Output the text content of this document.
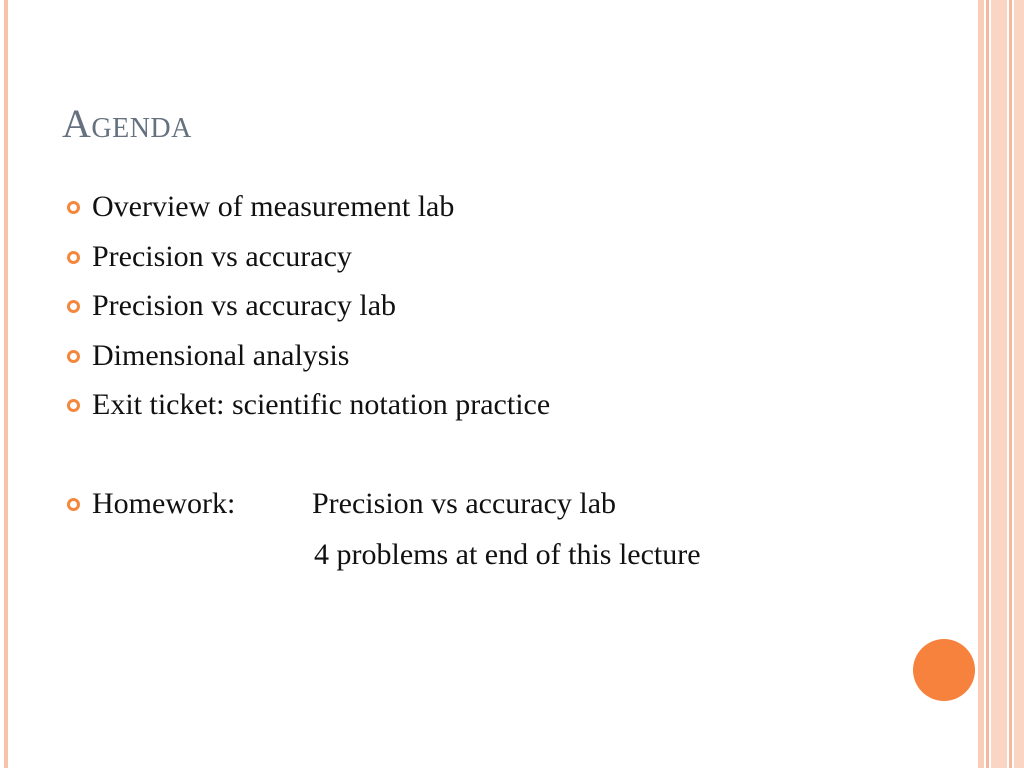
Agenda
Overview of measurement lab
Precision vs accuracy
Precision vs accuracy lab
Dimensional analysis
Exit ticket: scientific notation practice
Homework:	Precision vs accuracy lab
4 problems at end of this lecture
